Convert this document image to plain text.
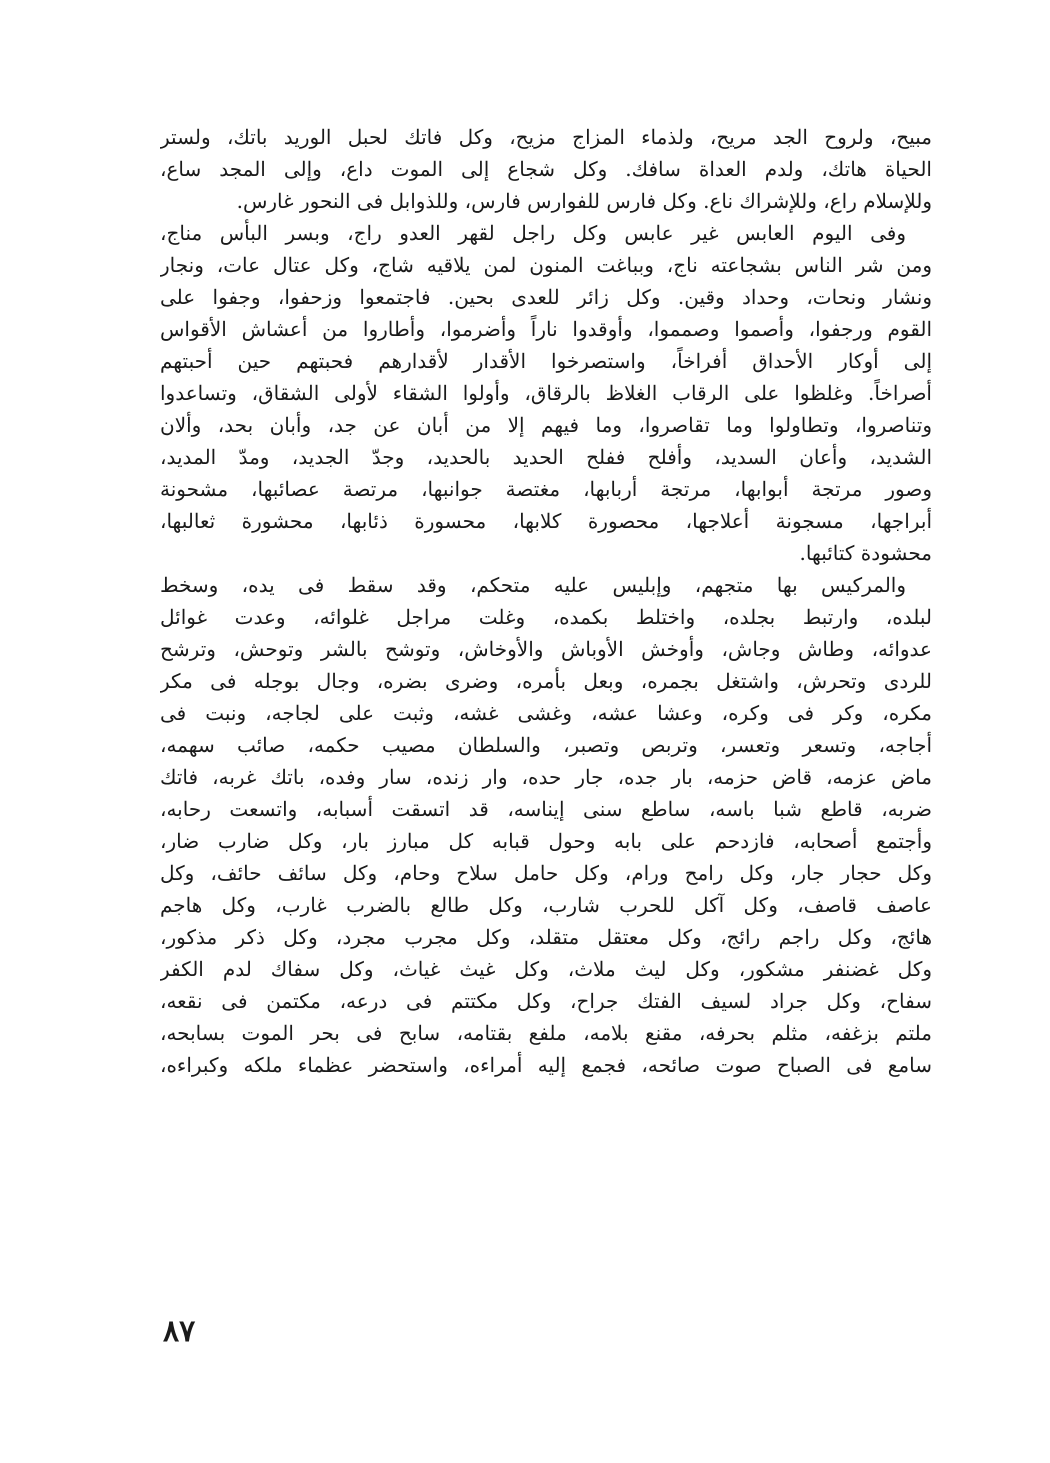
مبيح، ولروح الجد مريح، ولذماء المزاج مزيح، وكل فاتك لحبل الوريد باتك، ولستر
الحياة هاتك، ولدم العداة سافك. وكل شجاع إلى الموت داع، وإلى المجد ساع،
وللإسلام راع، وللإشراك ناع. وكل فارس للفوارس فارس، وللذوابل فى النحور غارس.
وفى اليوم العابس غير عابس وكل راجل لقهر العدو راج، وبسر البأس مناج،
ومن شر الناس بشجاعته ناج، وبباغت المنون لمن يلاقيه شاج، وكل عتال عات، ونجار
ونشار ونحات، وحداد وقين. وكل زائر للعدى بحين. فاجتمعوا وزحفوا، وجفوا على
القوم ورجفوا، وأصموا وصمموا، وأوقدوا ناراً وأضرموا، وأطاروا من أعشاش الأقواس
إلى أوكار الأحداق أفراخاً، واستصرخوا الأقدار لأقدارهم فحبتهم حين أحبتهم
أصراخاً. وغلظوا على الرقاب الغلاظ بالرقاق، وأولوا الشقاء لأولى الشقاق، وتساعدوا
وتناصروا، وتطاولوا وما تقاصروا، وما فيهم إلا من أبان عن جد، وأبان بحد، وألان
الشديد، وأعان السديد، وأفلح ففلح الحديد بالحديد، وجدّ الجديد، ومدّ المديد،
وصور مرتجة أبوابها، مرتجة أربابها، مغتصة جوانبها، مرتصة عصائبها، مشحونة
أبراجها، مسجونة أعلاجها، محصورة كلابها، محسورة ذئابها، محشورة ثعالبها،
محشودة كتائبها.
والمركيس بها متجهم، وإبليس عليه متحكم، وقد سقط فى يده، وسخط
لبلده، وارتبط بجلده، واختلط بكمده، وغلت مراجل غلوائه، وعدت غوائل
عدوائه، وطاش وجاش، وأوخش الأوباش والأوخاش، وتوشح بالشر وتوحش، وترشح
للردى وتحرش، واشتغل بجمره، وبعل بأمره، وضرى بضره، وجال بوجله فى مكر
مكره، وكر فى وكره، وعشا عشه، وغشى غشه، وثبت على لجاجه، ونبت فى
أجاجه، وتسعر وتعسر، وتربص وتصبر، والسلطان مصيب حكمه، صائب سهمه،
ماض عزمه، قاض حزمه، بار جده، جار حده، وار زنده، سار وفده، باتك غربه، فاتك
ضربه، قاطع شبا باسه، ساطع سنى إيناسه، قد اتسقت أسبابه، واتسعت رحابه،
وأجتمع أصحابه، فازدحم على بابه وحول قبابه كل مبارز بار، وكل ضارب ضار،
وكل حجار جار، وكل رامح ورام، وكل حامل سلاح وحام، وكل سائف حائف، وكل
عاصف قاصف، وكل آكل للحرب شارب، وكل طالع بالضرب غارب، وكل هاجم
هائج، وكل راجم رائج، وكل معتقل متقلد، وكل مجرب مجرد، وكل ذكر مذكور،
وكل غضنفر مشكور، وكل ليث ملاث، وكل غيث غياث، وكل سفاك لدم الكفر
سفاح، وكل جراد لسيف الفتك جراح، وكل مكتتم فى درعه، مكتمن فى نقعه،
ملتم بزغفه، مثلم بحرفه، مقنع بلامه، ملفع بقتامه، سابح فى بحر الموت بسابحه،
سامع فى الصباح صوت صائحه، فجمع إليه أمراءه، واستحضر عظماء ملكه وكبراءه،
٨٧
